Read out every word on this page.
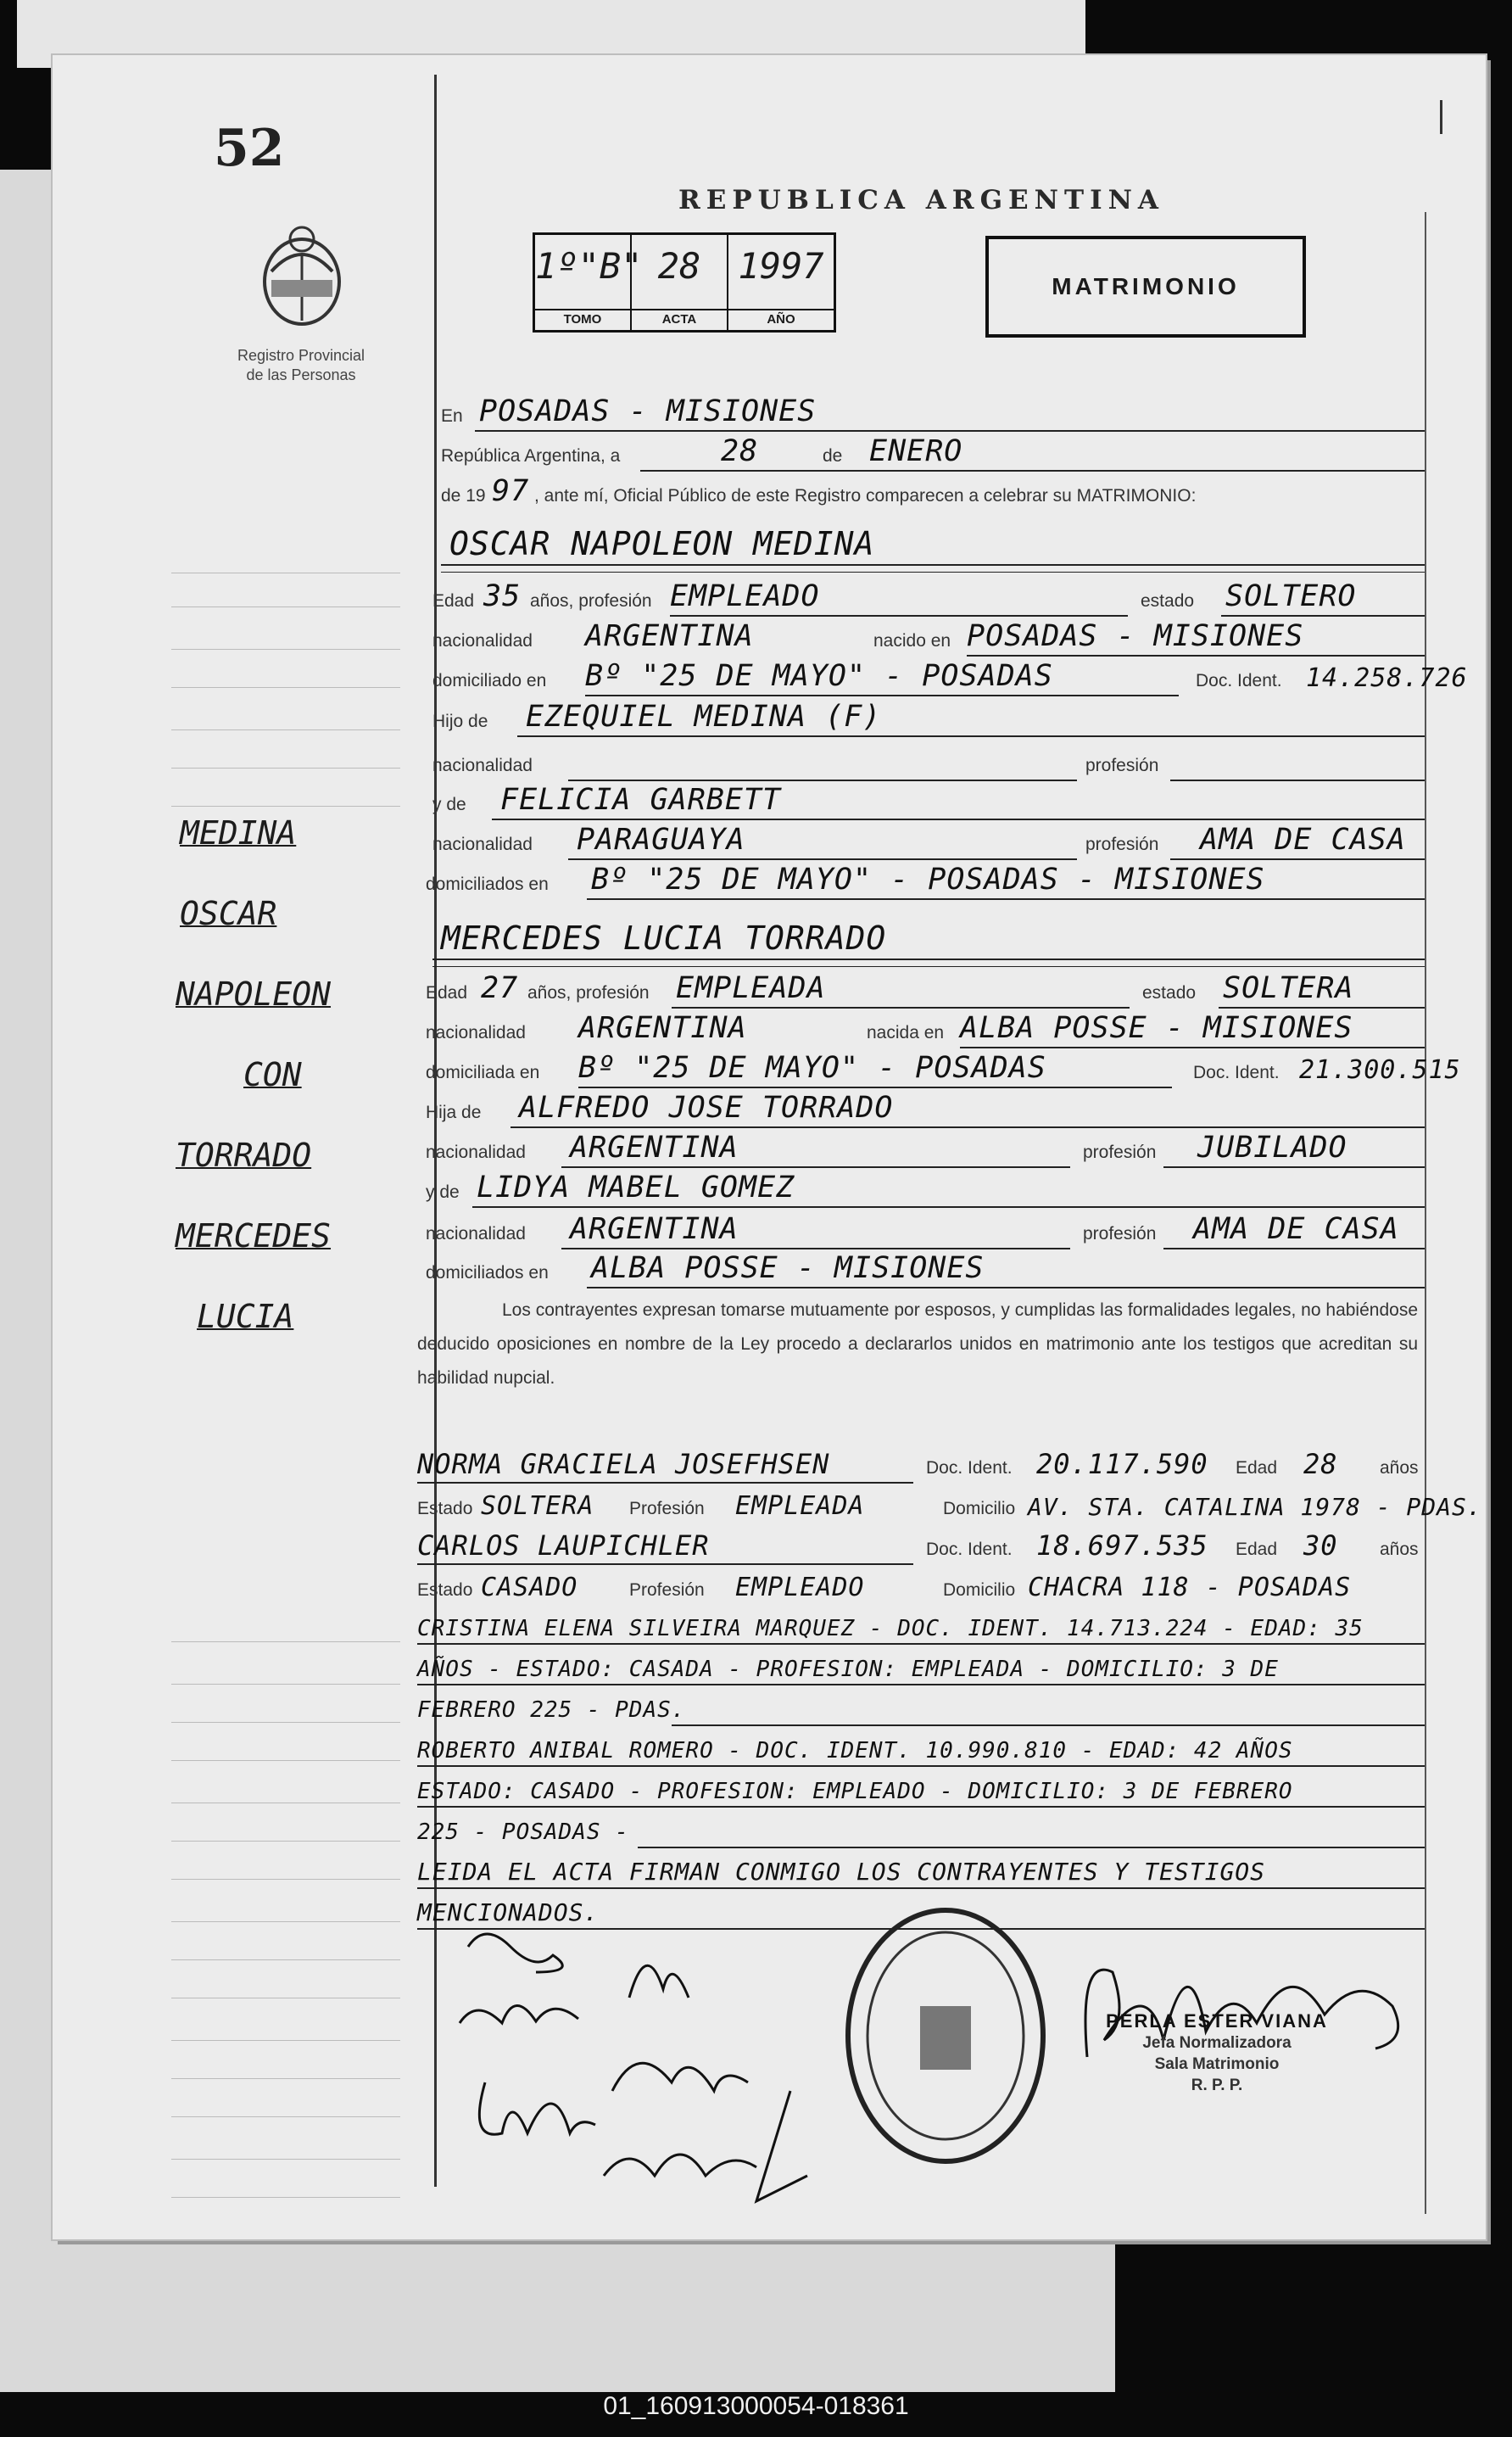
52
Registro Provincial
de las Personas
MEDINA
OSCAR
NAPOLEON
CON
TORRADO
MERCEDES
LUCIA
REPUBLICA ARGENTINA
1º"B"
TOMO
28
ACTA
1997
AÑO
MATRIMONIO
En POSADAS - MISIONES
República Argentina, a	28	de ENERO
de 19 97 , ante mí, Oficial Público de este Registro comparecen a celebrar su MATRIMONIO:
OSCAR NAPOLEON MEDINA
Edad 35 años, profesión EMPLEADO	estado SOLTERO
nacionalidad ARGENTINA	nacido en POSADAS - MISIONES
domiciliado en Bº "25 DE MAYO" - POSADAS	Doc. Ident. 14.258.726
Hijo de EZEQUIEL MEDINA (F)
nacionalidad	profesión
y de FELICIA GARBETT
nacionalidad PARAGUAYA	profesión AMA DE CASA
domiciliados en Bº "25 DE MAYO" - POSADAS - MISIONES
MERCEDES LUCIA TORRADO
Edad 27 años, profesión EMPLEADA	estado SOLTERA
nacionalidad ARGENTINA	nacida en ALBA POSSE - MISIONES
domiciliada en Bº "25 DE MAYO" - POSADAS	Doc. Ident. 21.300.515
Hija de ALFREDO JOSE TORRADO
nacionalidad ARGENTINA	profesión JUBILADO
y de LIDYA MABEL GOMEZ
nacionalidad ARGENTINA	profesión AMA DE CASA
domiciliados en ALBA POSSE - MISIONES
Los contrayentes expresan tomarse mutuamente por esposos, y cumplidas las formalidades legales, no habiéndose deducido oposiciones en nombre de la Ley procedo a declararlos unidos en matrimonio ante los testigos que acreditan su habilidad nupcial.
NORMA GRACIELA JOSEFHSEN	Doc. Ident. 20.117.590 Edad 28 años
Estado SOLTERA Profesión EMPLEADA	Domicilio AV. STA. CATALINA 1978 - PDAS.
CARLOS LAUPICHLER	Doc. Ident. 18.697.535 Edad 30 años
Estado CASADO	Profesión EMPLEADO	Domicilio CHACRA 118 - POSADAS
CRISTINA ELENA SILVEIRA MARQUEZ - DOC. IDENT. 14.713.224 - EDAD: 35
AÑOS - ESTADO: CASADA - PROFESION: EMPLEADA - DOMICILIO: 3 DE
FEBRERO 225 - PDAS.
ROBERTO ANIBAL ROMERO - DOC. IDENT. 10.990.810 - EDAD: 42 AÑOS
ESTADO: CASADO - PROFESION: EMPLEADO - DOMICILIO: 3 DE FEBRERO
225 - POSADAS -
LEIDA EL ACTA FIRMAN CONMIGO LOS CONTRAYENTES Y TESTIGOS
MENCIONADOS.
PERLA ESTER VIANA
Jefa Normalizadora
Sala Matrimonio
R. P. P.
01_160913000054-018361
